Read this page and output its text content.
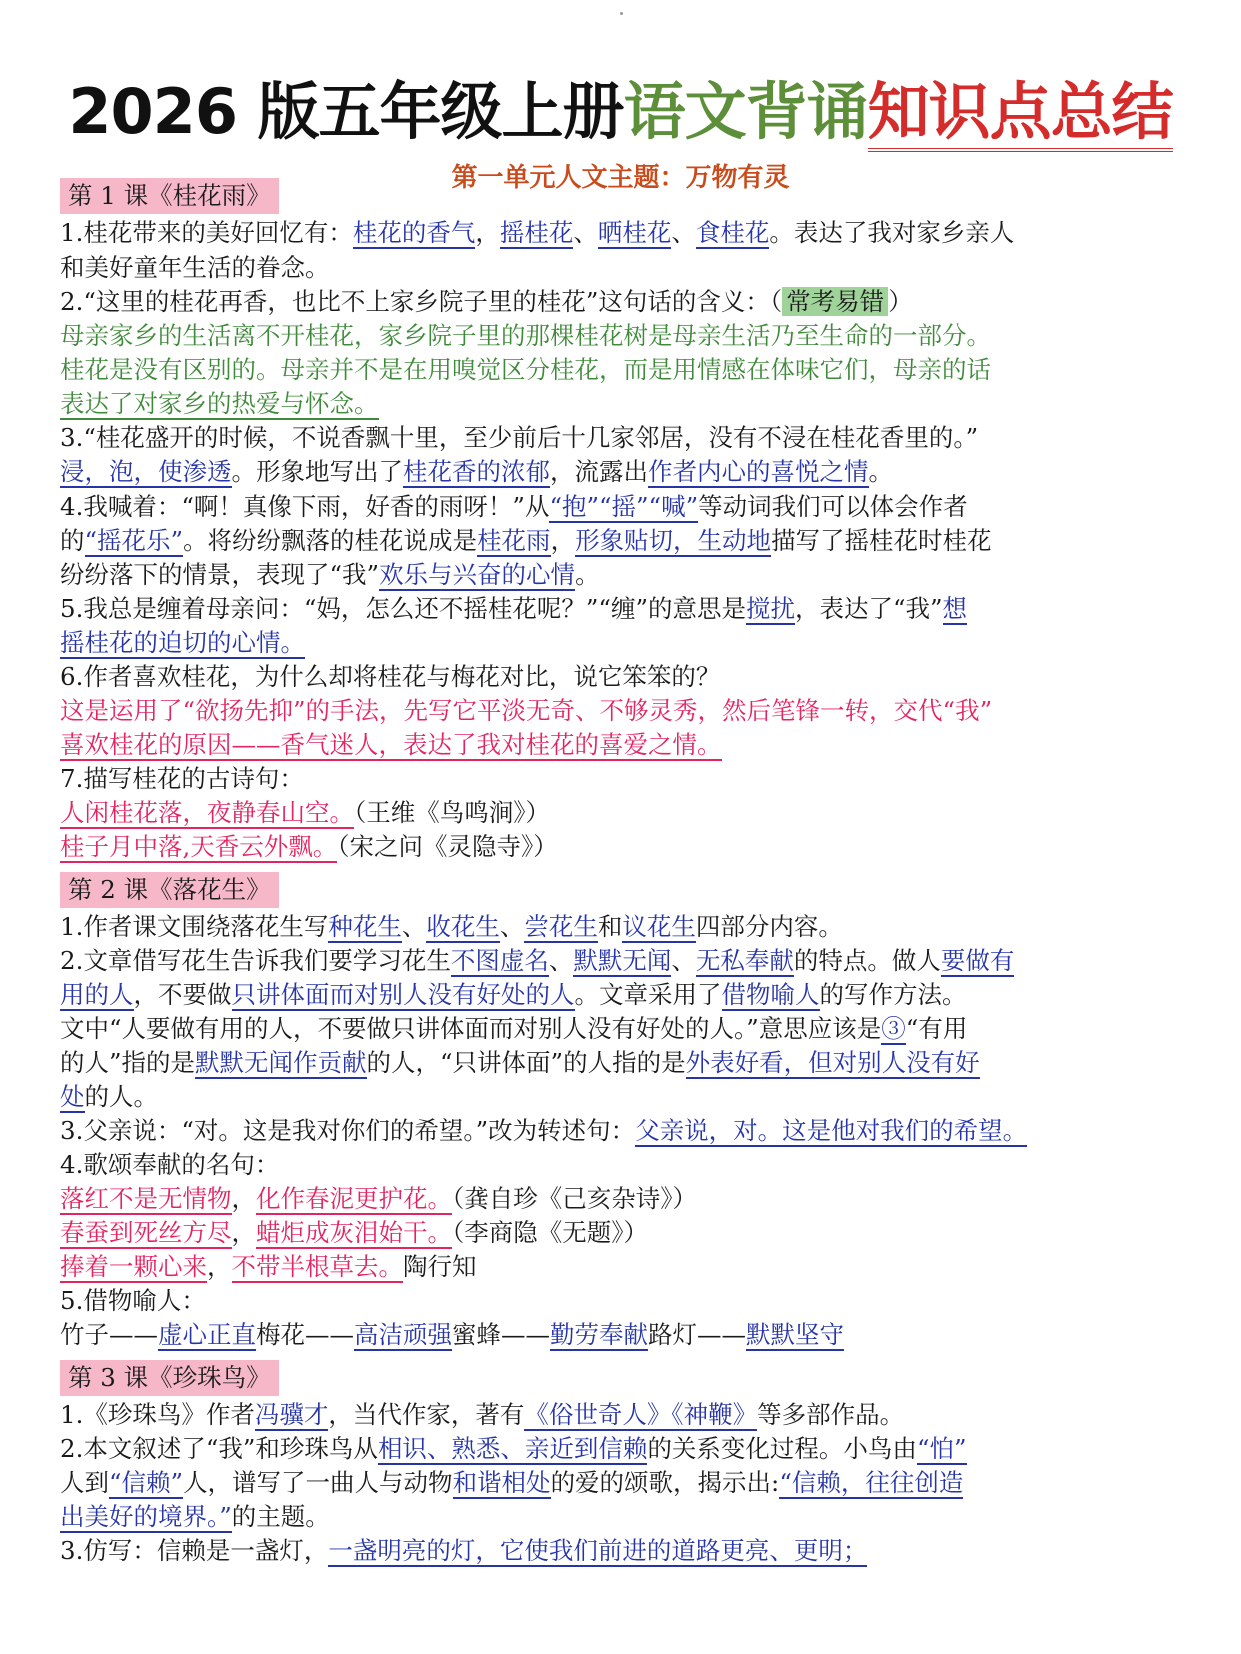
2026 版五年级上册语文背诵知识点总结
第一单元人文主题：万物有灵
第 1 课《桂花雨》
1.桂花带来的美好回忆有：桂花的香气，摇桂花、晒桂花、食桂花。表达了我对家乡亲人
和美好童年生活的眷念。
2.“这里的桂花再香，也比不上家乡院子里的桂花”这句话的含义：（ 常考易错 ）
母亲家乡的生活离不开桂花，家乡院子里的那棵桂花树是母亲生活乃至生命的一部分。
桂花是没有区别的。母亲并不是在用嗅觉区分桂花，而是用情感在体味它们，母亲的话
表达了对家乡的热爱与怀念。
3.“桂花盛开的时候，不说香飘十里，至少前后十几家邻居，没有不浸在桂花香里的。”
浸，泡，使渗透。形象地写出了桂花香的浓郁，流露出作者内心的喜悦之情。
4.我喊着：“啊！真像下雨，好香的雨呀！”从“抱”“摇”“喊”等动词我们可以体会作者
的“摇花乐”。将纷纷飘落的桂花说成是桂花雨，形象贴切，生动地描写了摇桂花时桂花
纷纷落下的情景，表现了“我”欢乐与兴奋的心情。
5.我总是缠着母亲问：“妈，怎么还不摇桂花呢？”“缠”的意思是搅扰，表达了“我”想
摇桂花的迫切的心情。
6.作者喜欢桂花，为什么却将桂花与梅花对比，说它笨笨的？
这是运用了“欲扬先抑”的手法，先写它平淡无奇、不够灵秀，然后笔锋一转，交代“我”
喜欢桂花的原因——香气迷人，表达了我对桂花的喜爱之情。
7.描写桂花的古诗句：
人闲桂花落，夜静春山空。（王维《鸟鸣涧》）
桂子月中落,天香云外飘。（宋之问《灵隐寺》）
第 2 课《落花生》
1.作者课文围绕落花生写种花生、收花生、尝花生和议花生四部分内容。
2.文章借写花生告诉我们要学习花生不图虚名、默默无闻、无私奉献的特点。做人要做有
用的人，不要做只讲体面而对别人没有好处的人。文章采用了借物喻人的写作方法。
文中“人要做有用的人，不要做只讲体面而对别人没有好处的人。”意思应该是③“有用
的人”指的是默默无闻作贡献的人，“只讲体面”的人指的是外表好看，但对别人没有好
处的人。
3.父亲说：“对。这是我对你们的希望。”改为转述句：父亲说，对。这是他对我们的希望。
4.歌颂奉献的名句：
落红不是无情物，化作春泥更护花。（龚自珍《己亥杂诗》）
春蚕到死丝方尽，蜡炬成灰泪始干。（李商隐《无题》）
捧着一颗心来，不带半根草去。陶行知
5.借物喻人：
竹子——虚心正直梅花——高洁顽强蜜蜂——勤劳奉献路灯——默默坚守
第 3 课《珍珠鸟》
1.《珍珠鸟》作者冯骥才，当代作家，著有《俗世奇人》《神鞭》等多部作品。
2.本文叙述了“我”和珍珠鸟从相识、熟悉、亲近到信赖的关系变化过程。小鸟由“怕”
人到“信赖”人，谱写了一曲人与动物和谐相处的爱的颂歌，揭示出:“信赖，往往创造
出美好的境界。”的主题。
3.仿写：信赖是一盏灯，一盏明亮的灯，它使我们前进的道路更亮、更明；
